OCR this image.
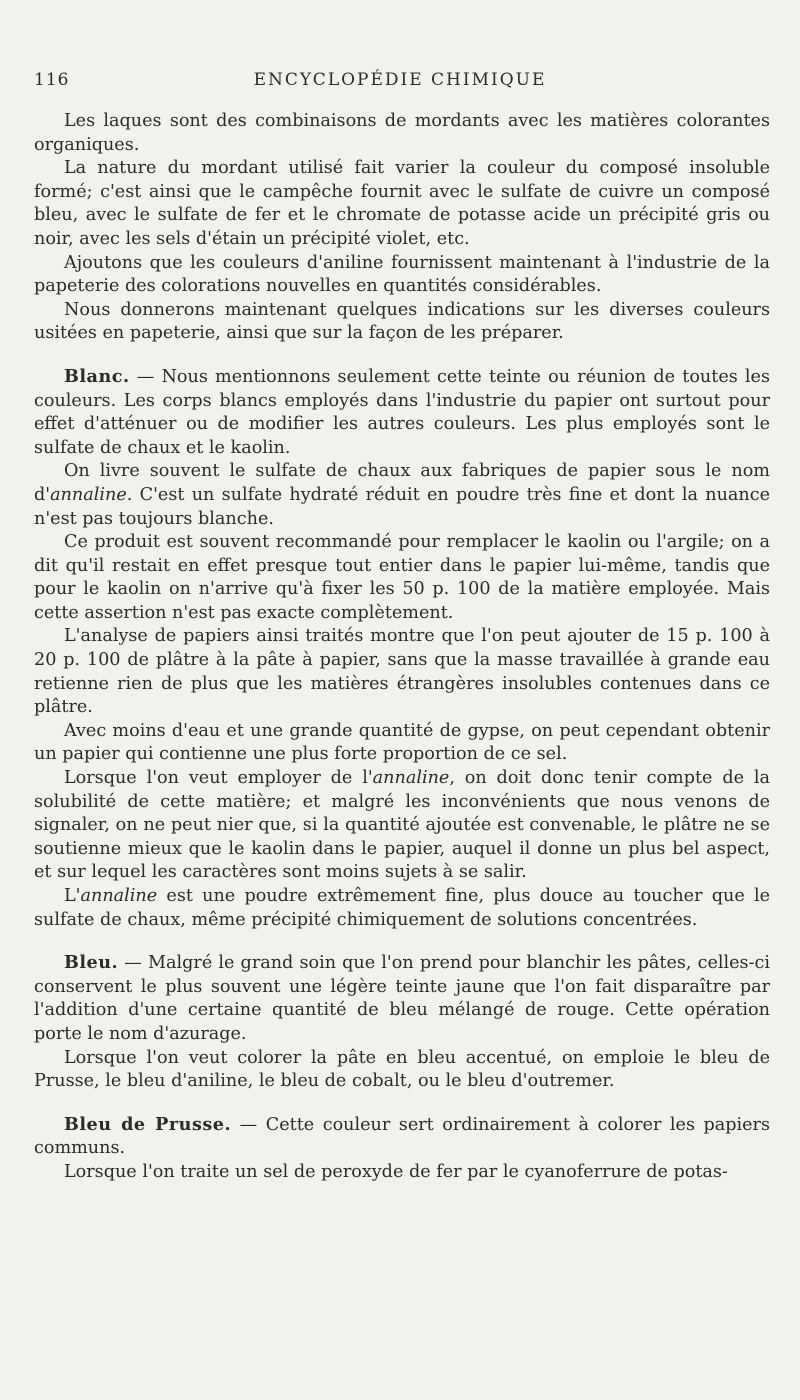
116	ENCYCLOPÉDIE CHIMIQUE

Les laques sont des combinaisons de mordants avec les matières colorantes organiques.

La nature du mordant utilisé fait varier la couleur du composé insoluble formé; c'est ainsi que le campêche fournit avec le sulfate de cuivre un composé bleu, avec le sulfate de fer et le chromate de potasse acide un précipité gris ou noir, avec les sels d'étain un précipité violet, etc.

Ajoutons que les couleurs d'aniline fournissent maintenant à l'industrie de la papeterie des colorations nouvelles en quantités considérables.

Nous donnerons maintenant quelques indications sur les diverses couleurs usitées en papeterie, ainsi que sur la façon de les préparer.

Blanc. — Nous mentionnons seulement cette teinte ou réunion de toutes les couleurs. Les corps blancs employés dans l'industrie du papier ont surtout pour effet d'atténuer ou de modifier les autres couleurs. Les plus employés sont le sulfate de chaux et le kaolin.

On livre souvent le sulfate de chaux aux fabriques de papier sous le nom d'annaline. C'est un sulfate hydraté réduit en poudre très fine et dont la nuance n'est pas toujours blanche.

Ce produit est souvent recommandé pour remplacer le kaolin ou l'argile; on a dit qu'il restait en effet presque tout entier dans le papier lui-même, tandis que pour le kaolin on n'arrive qu'à fixer les 50 p. 100 de la matière employée. Mais cette assertion n'est pas exacte complètement.

L'analyse de papiers ainsi traités montre que l'on peut ajouter de 15 p. 100 à 20 p. 100 de plâtre à la pâte à papier, sans que la masse travaillée à grande eau retienne rien de plus que les matières étrangères insolubles contenues dans ce plâtre.

Avec moins d'eau et une grande quantité de gypse, on peut cependant obtenir un papier qui contienne une plus forte proportion de ce sel.

Lorsque l'on veut employer de l'annaline, on doit donc tenir compte de la solubilité de cette matière; et malgré les inconvénients que nous venons de signaler, on ne peut nier que, si la quantité ajoutée est convenable, le plâtre ne se soutienne mieux que le kaolin dans le papier, auquel il donne un plus bel aspect, et sur lequel les caractères sont moins sujets à se salir.

L'annaline est une poudre extrêmement fine, plus douce au toucher que le sulfate de chaux, même précipité chimiquement de solutions concentrées.

Bleu. — Malgré le grand soin que l'on prend pour blanchir les pâtes, celles-ci conservent le plus souvent une légère teinte jaune que l'on fait disparaître par l'addition d'une certaine quantité de bleu mélangé de rouge. Cette opération porte le nom d'azurage.

Lorsque l'on veut colorer la pâte en bleu accentué, on emploie le bleu de Prusse, le bleu d'aniline, le bleu de cobalt, ou le bleu d'outremer.

Bleu de Prusse. — Cette couleur sert ordinairement à colorer les papiers communs.

Lorsque l'on traite un sel de peroxyde de fer par le cyanoferrure de potas-
